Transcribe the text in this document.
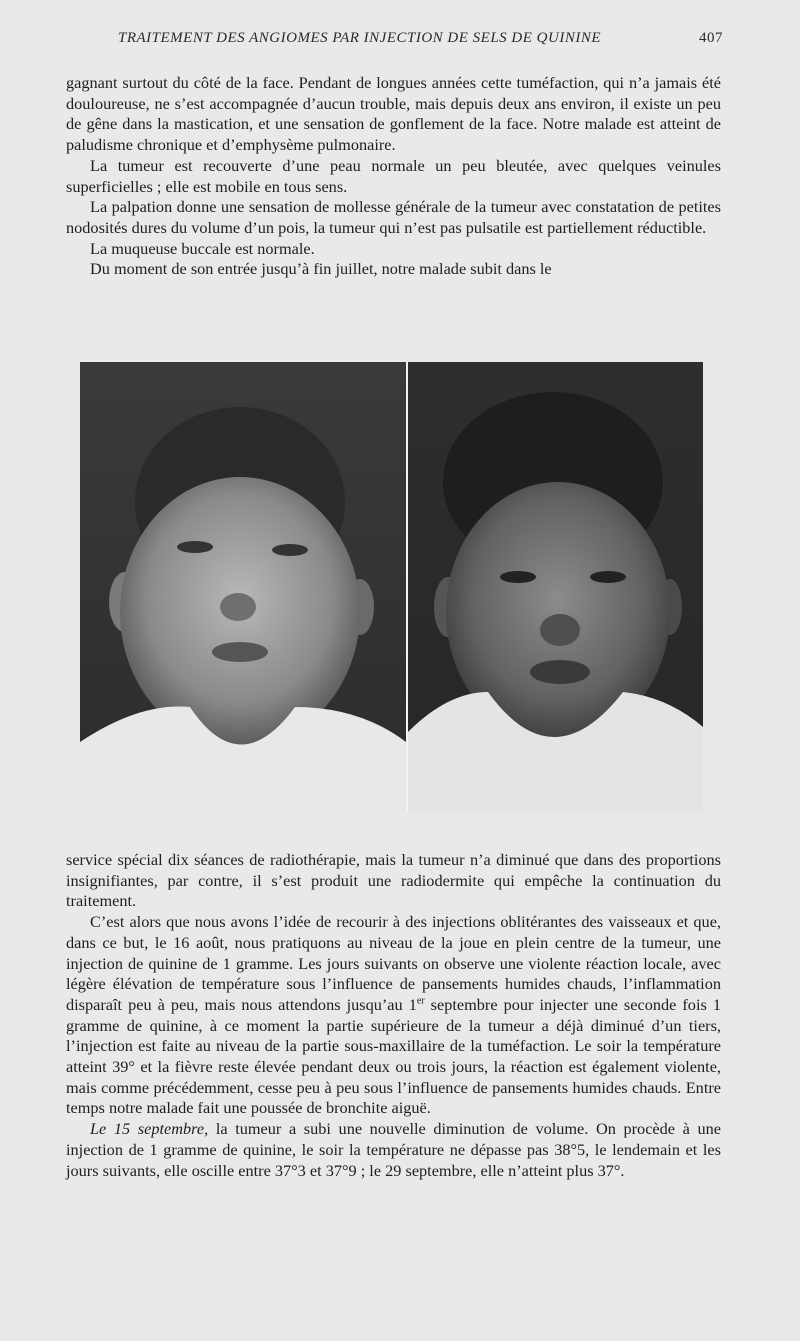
TRAITEMENT DES ANGIOMES PAR INJECTION DE SELS DE QUININE	407

gagnant surtout du côté de la face. Pendant de longues années cette tuméfaction, qui n’a jamais été douloureuse, ne s’est accompagnée d’aucun trouble, mais depuis deux ans environ, il existe un peu de gêne dans la mastication, et une sensation de gonflement de la face. Notre malade est atteint de paludisme chronique et d’emphysème pulmonaire.

La tumeur est recouverte d’une peau normale un peu bleutée, avec quelques veinules superficielles ; elle est mobile en tous sens.

La palpation donne une sensation de mollesse générale de la tumeur avec constatation de petites nodosités dures du volume d’un pois, la tumeur qui n’est pas pulsatile est partiellement réductible.

La muqueuse buccale est normale.

Du moment de son entrée jusqu’à fin juillet, notre malade subit dans le

service spécial dix séances de radiothérapie, mais la tumeur n’a diminué que dans des proportions insignifiantes, par contre, il s’est produit une radiodermite qui empêche la continuation du traitement.

C’est alors que nous avons l’idée de recourir à des injections oblitérantes des vaisseaux et que, dans ce but, le 16 août, nous pratiquons au niveau de la joue en plein centre de la tumeur, une injection de quinine de 1 gramme. Les jours suivants on observe une violente réaction locale, avec légère élévation de température sous l’influence de pansements humides chauds, l’inflammation disparaît peu à peu, mais nous attendons jusqu’au 1er septembre pour injecter une seconde fois 1 gramme de quinine, à ce moment la partie supérieure de la tumeur a déjà diminué d’un tiers, l’injection est faite au niveau de la partie sous-maxillaire de la tuméfaction. Le soir la température atteint 39° et la fièvre reste élevée pendant deux ou trois jours, la réaction est également violente, mais comme précédemment, cesse peu à peu sous l’influence de pansements humides chauds. Entre temps notre malade fait une poussée de bronchite aiguë.

Le 15 septembre, la tumeur a subi une nouvelle diminution de volume. On procède à une injection de 1 gramme de quinine, le soir la température ne dépasse pas 38°5, le lendemain et les jours suivants, elle oscille entre 37°3 et 37°9 ; le 29 septembre, elle n’atteint plus 37°.
